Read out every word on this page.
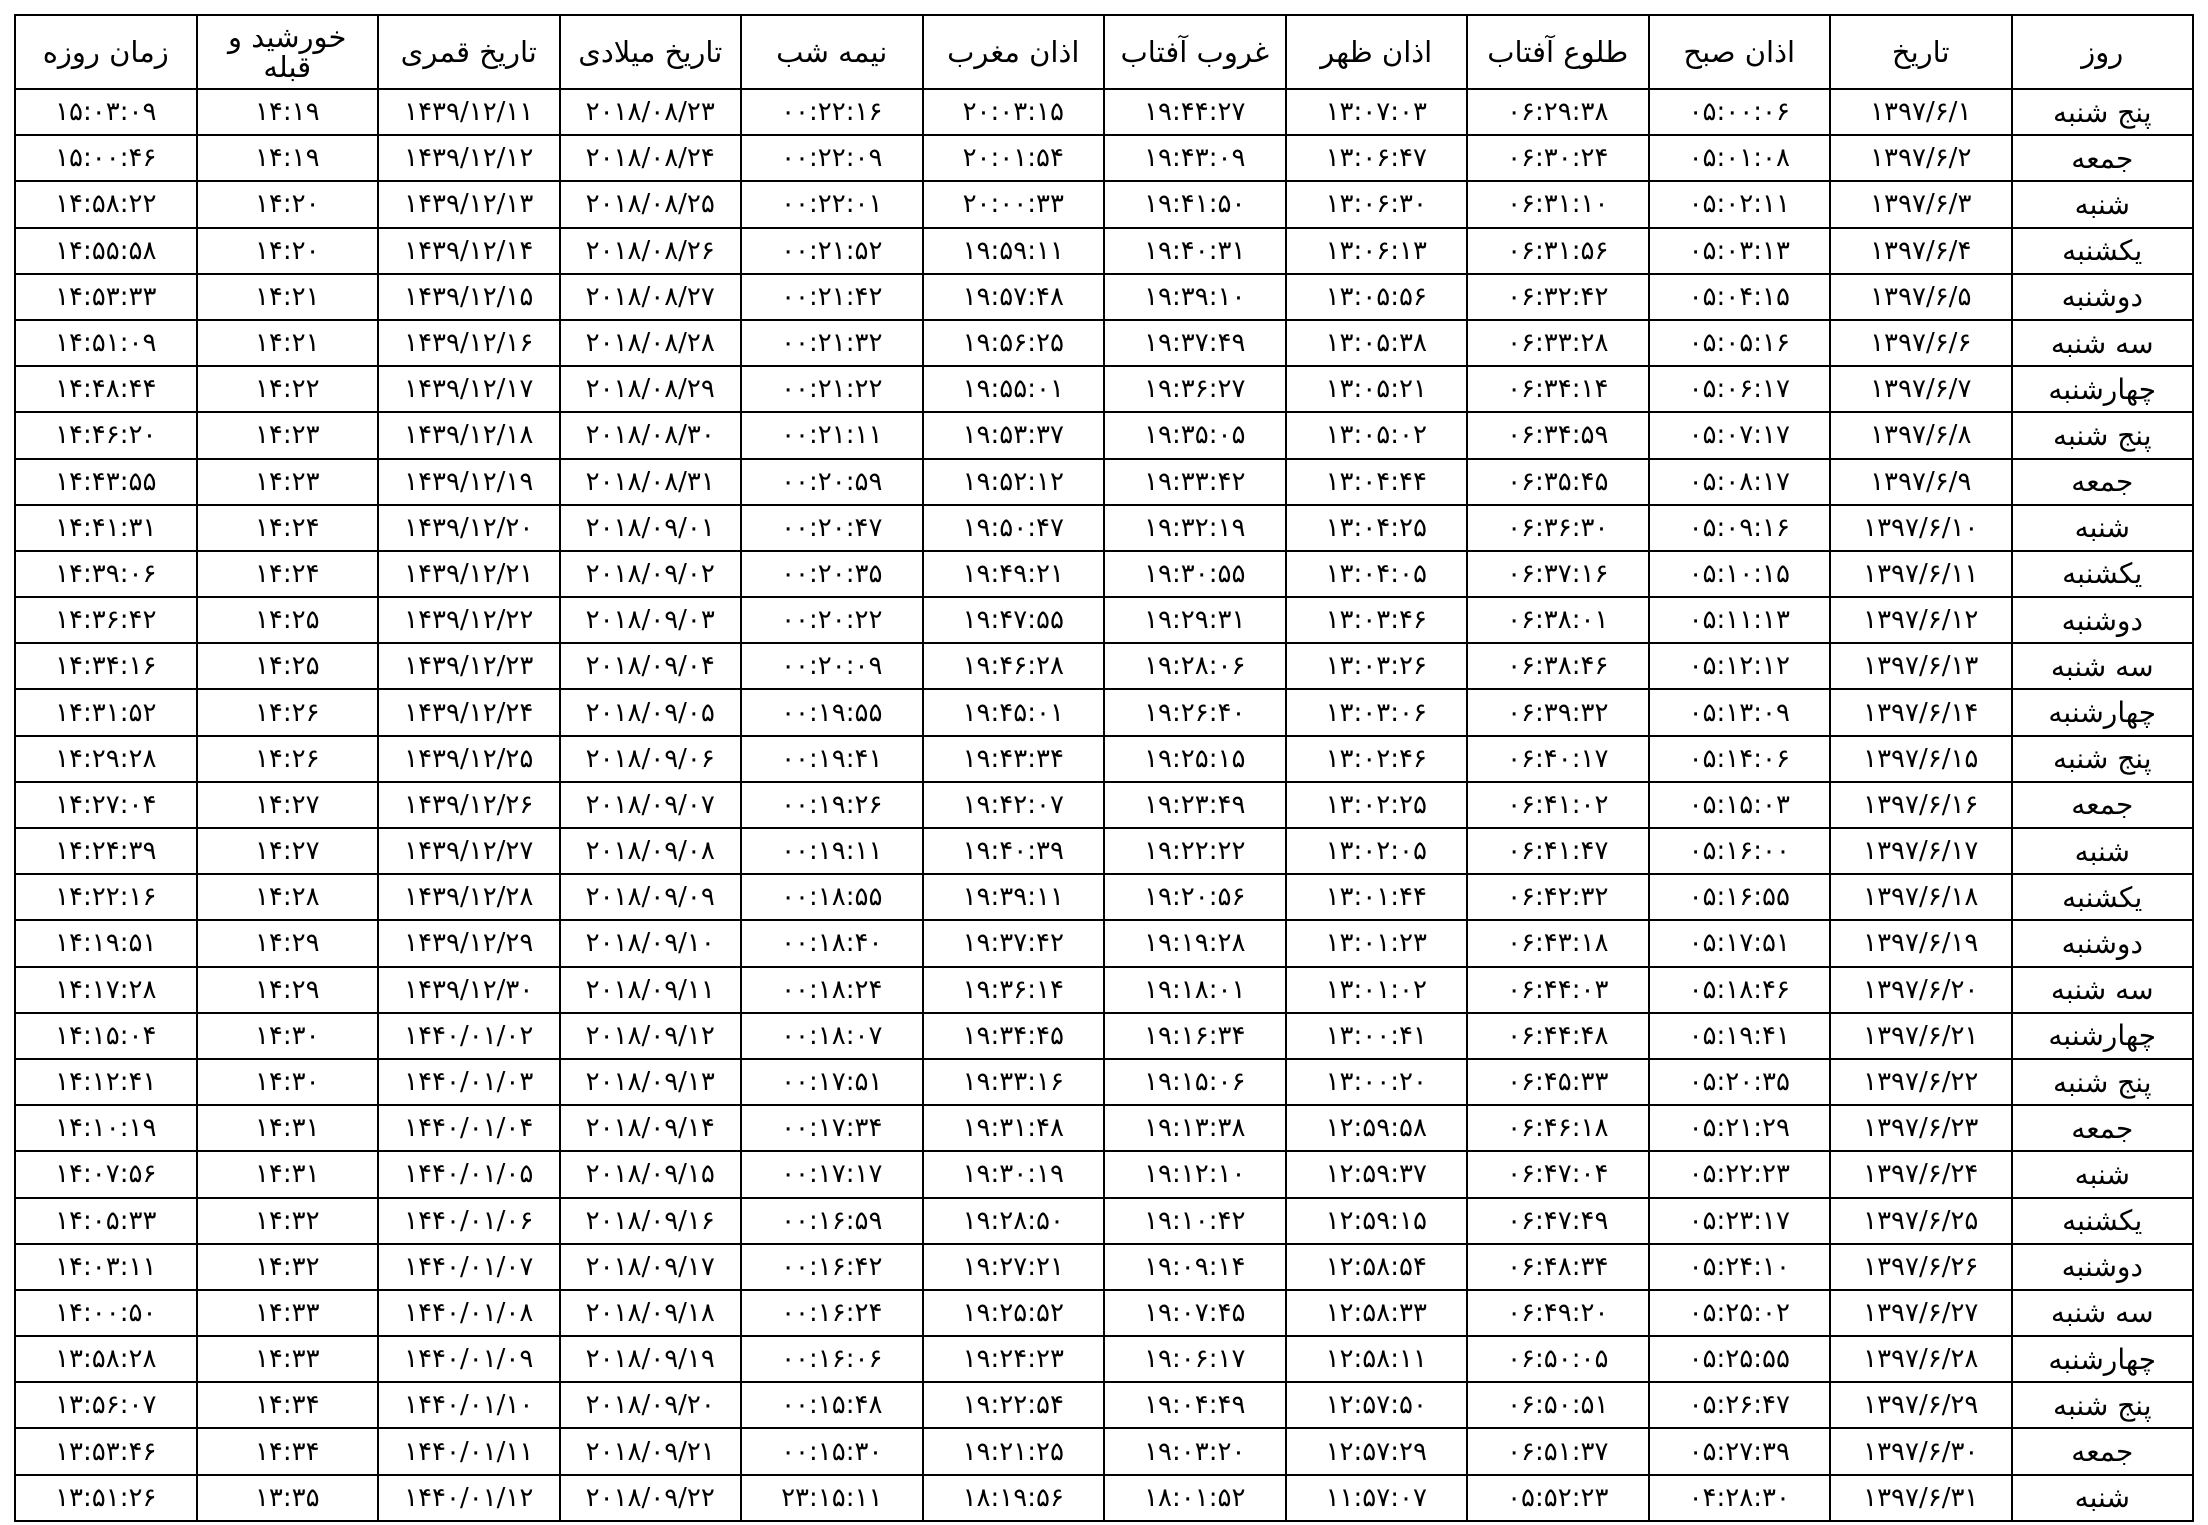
روز	تاریخ	اذان صبح	طلوع آفتاب	اذان ظهر	غروب آفتاب	اذان مغرب	نیمه شب	تاریخ میلادی	تاریخ قمری	خورشید و قبله	زمان روزه
پنج شنبه	۱۳۹۷/۶/۱	۰۵:۰۰:۰۶	۰۶:۲۹:۳۸	۱۳:۰۷:۰۳	۱۹:۴۴:۲۷	۲۰:۰۳:۱۵	۰۰:۲۲:۱۶	۲۰۱۸/۰۸/۲۳	۱۴۳۹/۱۲/۱۱	۱۴:۱۹	۱۵:۰۳:۰۹
جمعه	۱۳۹۷/۶/۲	۰۵:۰۱:۰۸	۰۶:۳۰:۲۴	۱۳:۰۶:۴۷	۱۹:۴۳:۰۹	۲۰:۰۱:۵۴	۰۰:۲۲:۰۹	۲۰۱۸/۰۸/۲۴	۱۴۳۹/۱۲/۱۲	۱۴:۱۹	۱۵:۰۰:۴۶
شنبه	۱۳۹۷/۶/۳	۰۵:۰۲:۱۱	۰۶:۳۱:۱۰	۱۳:۰۶:۳۰	۱۹:۴۱:۵۰	۲۰:۰۰:۳۳	۰۰:۲۲:۰۱	۲۰۱۸/۰۸/۲۵	۱۴۳۹/۱۲/۱۳	۱۴:۲۰	۱۴:۵۸:۲۲
یکشنبه	۱۳۹۷/۶/۴	۰۵:۰۳:۱۳	۰۶:۳۱:۵۶	۱۳:۰۶:۱۳	۱۹:۴۰:۳۱	۱۹:۵۹:۱۱	۰۰:۲۱:۵۲	۲۰۱۸/۰۸/۲۶	۱۴۳۹/۱۲/۱۴	۱۴:۲۰	۱۴:۵۵:۵۸
دوشنبه	۱۳۹۷/۶/۵	۰۵:۰۴:۱۵	۰۶:۳۲:۴۲	۱۳:۰۵:۵۶	۱۹:۳۹:۱۰	۱۹:۵۷:۴۸	۰۰:۲۱:۴۲	۲۰۱۸/۰۸/۲۷	۱۴۳۹/۱۲/۱۵	۱۴:۲۱	۱۴:۵۳:۳۳
سه شنبه	۱۳۹۷/۶/۶	۰۵:۰۵:۱۶	۰۶:۳۳:۲۸	۱۳:۰۵:۳۸	۱۹:۳۷:۴۹	۱۹:۵۶:۲۵	۰۰:۲۱:۳۲	۲۰۱۸/۰۸/۲۸	۱۴۳۹/۱۲/۱۶	۱۴:۲۱	۱۴:۵۱:۰۹
چهارشنبه	۱۳۹۷/۶/۷	۰۵:۰۶:۱۷	۰۶:۳۴:۱۴	۱۳:۰۵:۲۱	۱۹:۳۶:۲۷	۱۹:۵۵:۰۱	۰۰:۲۱:۲۲	۲۰۱۸/۰۸/۲۹	۱۴۳۹/۱۲/۱۷	۱۴:۲۲	۱۴:۴۸:۴۴
پنج شنبه	۱۳۹۷/۶/۸	۰۵:۰۷:۱۷	۰۶:۳۴:۵۹	۱۳:۰۵:۰۲	۱۹:۳۵:۰۵	۱۹:۵۳:۳۷	۰۰:۲۱:۱۱	۲۰۱۸/۰۸/۳۰	۱۴۳۹/۱۲/۱۸	۱۴:۲۳	۱۴:۴۶:۲۰
جمعه	۱۳۹۷/۶/۹	۰۵:۰۸:۱۷	۰۶:۳۵:۴۵	۱۳:۰۴:۴۴	۱۹:۳۳:۴۲	۱۹:۵۲:۱۲	۰۰:۲۰:۵۹	۲۰۱۸/۰۸/۳۱	۱۴۳۹/۱۲/۱۹	۱۴:۲۳	۱۴:۴۳:۵۵
شنبه	۱۳۹۷/۶/۱۰	۰۵:۰۹:۱۶	۰۶:۳۶:۳۰	۱۳:۰۴:۲۵	۱۹:۳۲:۱۹	۱۹:۵۰:۴۷	۰۰:۲۰:۴۷	۲۰۱۸/۰۹/۰۱	۱۴۳۹/۱۲/۲۰	۱۴:۲۴	۱۴:۴۱:۳۱
یکشنبه	۱۳۹۷/۶/۱۱	۰۵:۱۰:۱۵	۰۶:۳۷:۱۶	۱۳:۰۴:۰۵	۱۹:۳۰:۵۵	۱۹:۴۹:۲۱	۰۰:۲۰:۳۵	۲۰۱۸/۰۹/۰۲	۱۴۳۹/۱۲/۲۱	۱۴:۲۴	۱۴:۳۹:۰۶
دوشنبه	۱۳۹۷/۶/۱۲	۰۵:۱۱:۱۳	۰۶:۳۸:۰۱	۱۳:۰۳:۴۶	۱۹:۲۹:۳۱	۱۹:۴۷:۵۵	۰۰:۲۰:۲۲	۲۰۱۸/۰۹/۰۳	۱۴۳۹/۱۲/۲۲	۱۴:۲۵	۱۴:۳۶:۴۲
سه شنبه	۱۳۹۷/۶/۱۳	۰۵:۱۲:۱۲	۰۶:۳۸:۴۶	۱۳:۰۳:۲۶	۱۹:۲۸:۰۶	۱۹:۴۶:۲۸	۰۰:۲۰:۰۹	۲۰۱۸/۰۹/۰۴	۱۴۳۹/۱۲/۲۳	۱۴:۲۵	۱۴:۳۴:۱۶
چهارشنبه	۱۳۹۷/۶/۱۴	۰۵:۱۳:۰۹	۰۶:۳۹:۳۲	۱۳:۰۳:۰۶	۱۹:۲۶:۴۰	۱۹:۴۵:۰۱	۰۰:۱۹:۵۵	۲۰۱۸/۰۹/۰۵	۱۴۳۹/۱۲/۲۴	۱۴:۲۶	۱۴:۳۱:۵۲
پنج شنبه	۱۳۹۷/۶/۱۵	۰۵:۱۴:۰۶	۰۶:۴۰:۱۷	۱۳:۰۲:۴۶	۱۹:۲۵:۱۵	۱۹:۴۳:۳۴	۰۰:۱۹:۴۱	۲۰۱۸/۰۹/۰۶	۱۴۳۹/۱۲/۲۵	۱۴:۲۶	۱۴:۲۹:۲۸
جمعه	۱۳۹۷/۶/۱۶	۰۵:۱۵:۰۳	۰۶:۴۱:۰۲	۱۳:۰۲:۲۵	۱۹:۲۳:۴۹	۱۹:۴۲:۰۷	۰۰:۱۹:۲۶	۲۰۱۸/۰۹/۰۷	۱۴۳۹/۱۲/۲۶	۱۴:۲۷	۱۴:۲۷:۰۴
شنبه	۱۳۹۷/۶/۱۷	۰۵:۱۶:۰۰	۰۶:۴۱:۴۷	۱۳:۰۲:۰۵	۱۹:۲۲:۲۲	۱۹:۴۰:۳۹	۰۰:۱۹:۱۱	۲۰۱۸/۰۹/۰۸	۱۴۳۹/۱۲/۲۷	۱۴:۲۷	۱۴:۲۴:۳۹
یکشنبه	۱۳۹۷/۶/۱۸	۰۵:۱۶:۵۵	۰۶:۴۲:۳۲	۱۳:۰۱:۴۴	۱۹:۲۰:۵۶	۱۹:۳۹:۱۱	۰۰:۱۸:۵۵	۲۰۱۸/۰۹/۰۹	۱۴۳۹/۱۲/۲۸	۱۴:۲۸	۱۴:۲۲:۱۶
دوشنبه	۱۳۹۷/۶/۱۹	۰۵:۱۷:۵۱	۰۶:۴۳:۱۸	۱۳:۰۱:۲۳	۱۹:۱۹:۲۸	۱۹:۳۷:۴۲	۰۰:۱۸:۴۰	۲۰۱۸/۰۹/۱۰	۱۴۳۹/۱۲/۲۹	۱۴:۲۹	۱۴:۱۹:۵۱
سه شنبه	۱۳۹۷/۶/۲۰	۰۵:۱۸:۴۶	۰۶:۴۴:۰۳	۱۳:۰۱:۰۲	۱۹:۱۸:۰۱	۱۹:۳۶:۱۴	۰۰:۱۸:۲۴	۲۰۱۸/۰۹/۱۱	۱۴۳۹/۱۲/۳۰	۱۴:۲۹	۱۴:۱۷:۲۸
چهارشنبه	۱۳۹۷/۶/۲۱	۰۵:۱۹:۴۱	۰۶:۴۴:۴۸	۱۳:۰۰:۴۱	۱۹:۱۶:۳۴	۱۹:۳۴:۴۵	۰۰:۱۸:۰۷	۲۰۱۸/۰۹/۱۲	۱۴۴۰/۰۱/۰۲	۱۴:۳۰	۱۴:۱۵:۰۴
پنج شنبه	۱۳۹۷/۶/۲۲	۰۵:۲۰:۳۵	۰۶:۴۵:۳۳	۱۳:۰۰:۲۰	۱۹:۱۵:۰۶	۱۹:۳۳:۱۶	۰۰:۱۷:۵۱	۲۰۱۸/۰۹/۱۳	۱۴۴۰/۰۱/۰۳	۱۴:۳۰	۱۴:۱۲:۴۱
جمعه	۱۳۹۷/۶/۲۳	۰۵:۲۱:۲۹	۰۶:۴۶:۱۸	۱۲:۵۹:۵۸	۱۹:۱۳:۳۸	۱۹:۳۱:۴۸	۰۰:۱۷:۳۴	۲۰۱۸/۰۹/۱۴	۱۴۴۰/۰۱/۰۴	۱۴:۳۱	۱۴:۱۰:۱۹
شنبه	۱۳۹۷/۶/۲۴	۰۵:۲۲:۲۳	۰۶:۴۷:۰۴	۱۲:۵۹:۳۷	۱۹:۱۲:۱۰	۱۹:۳۰:۱۹	۰۰:۱۷:۱۷	۲۰۱۸/۰۹/۱۵	۱۴۴۰/۰۱/۰۵	۱۴:۳۱	۱۴:۰۷:۵۶
یکشنبه	۱۳۹۷/۶/۲۵	۰۵:۲۳:۱۷	۰۶:۴۷:۴۹	۱۲:۵۹:۱۵	۱۹:۱۰:۴۲	۱۹:۲۸:۵۰	۰۰:۱۶:۵۹	۲۰۱۸/۰۹/۱۶	۱۴۴۰/۰۱/۰۶	۱۴:۳۲	۱۴:۰۵:۳۳
دوشنبه	۱۳۹۷/۶/۲۶	۰۵:۲۴:۱۰	۰۶:۴۸:۳۴	۱۲:۵۸:۵۴	۱۹:۰۹:۱۴	۱۹:۲۷:۲۱	۰۰:۱۶:۴۲	۲۰۱۸/۰۹/۱۷	۱۴۴۰/۰۱/۰۷	۱۴:۳۲	۱۴:۰۳:۱۱
سه شنبه	۱۳۹۷/۶/۲۷	۰۵:۲۵:۰۲	۰۶:۴۹:۲۰	۱۲:۵۸:۳۳	۱۹:۰۷:۴۵	۱۹:۲۵:۵۲	۰۰:۱۶:۲۴	۲۰۱۸/۰۹/۱۸	۱۴۴۰/۰۱/۰۸	۱۴:۳۳	۱۴:۰۰:۵۰
چهارشنبه	۱۳۹۷/۶/۲۸	۰۵:۲۵:۵۵	۰۶:۵۰:۰۵	۱۲:۵۸:۱۱	۱۹:۰۶:۱۷	۱۹:۲۴:۲۳	۰۰:۱۶:۰۶	۲۰۱۸/۰۹/۱۹	۱۴۴۰/۰۱/۰۹	۱۴:۳۳	۱۳:۵۸:۲۸
پنج شنبه	۱۳۹۷/۶/۲۹	۰۵:۲۶:۴۷	۰۶:۵۰:۵۱	۱۲:۵۷:۵۰	۱۹:۰۴:۴۹	۱۹:۲۲:۵۴	۰۰:۱۵:۴۸	۲۰۱۸/۰۹/۲۰	۱۴۴۰/۰۱/۱۰	۱۴:۳۴	۱۳:۵۶:۰۷
جمعه	۱۳۹۷/۶/۳۰	۰۵:۲۷:۳۹	۰۶:۵۱:۳۷	۱۲:۵۷:۲۹	۱۹:۰۳:۲۰	۱۹:۲۱:۲۵	۰۰:۱۵:۳۰	۲۰۱۸/۰۹/۲۱	۱۴۴۰/۰۱/۱۱	۱۴:۳۴	۱۳:۵۳:۴۶
شنبه	۱۳۹۷/۶/۳۱	۰۴:۲۸:۳۰	۰۵:۵۲:۲۳	۱۱:۵۷:۰۷	۱۸:۰۱:۵۲	۱۸:۱۹:۵۶	۲۳:۱۵:۱۱	۲۰۱۸/۰۹/۲۲	۱۴۴۰/۰۱/۱۲	۱۳:۳۵	۱۳:۵۱:۲۶
